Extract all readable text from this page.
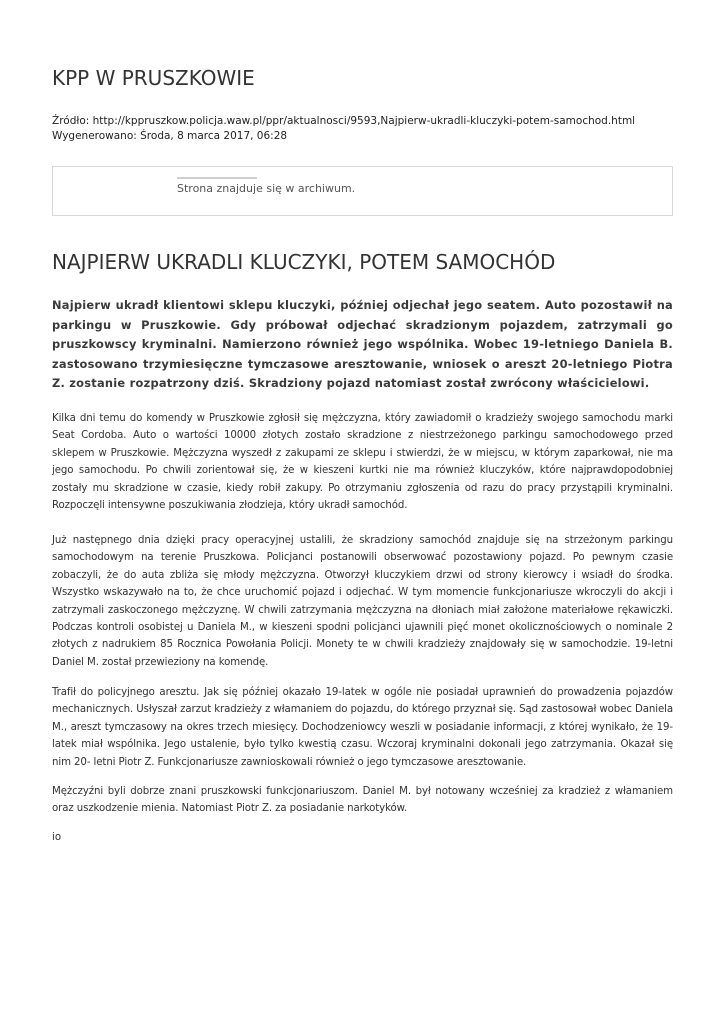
KPP W PRUSZKOWIE
Źródło: http://kppruszkow.policja.waw.pl/ppr/aktualnosci/9593,Najpierw-ukradli-kluczyki-potem-samochod.html
Wygenerowano: Środa, 8 marca 2017, 06:28
Strona znajduje się w archiwum.
NAJPIERW UKRADLI KLUCZYKI, POTEM SAMOCHÓD

Najpierw ukradł klientowi sklepu kluczyki, później odjechał jego seatem. Auto pozostawił na parkingu w Pruszkowie. Gdy próbował odjechać skradzionym pojazdem, zatrzymali go pruszkowscy kryminalni. Namierzono również jego wspólnika. Wobec 19-letniego Daniela B. zastosowano trzymiesięczne tymczasowe aresztowanie, wniosek o areszt 20-letniego Piotra Z. zostanie rozpatrzony dziś. Skradziony pojazd natomiast został zwrócony właścicielowi.

Kilka dni temu do komendy w Pruszkowie zgłosił się mężczyzna, który zawiadomił o kradzieży swojego samochodu marki Seat Cordoba. Auto o wartości 10000 złotych zostało skradzione z niestrzeżonego parkingu samochodowego przed sklepem w Pruszkowie. Mężczyzna wyszedł z zakupami ze sklepu i stwierdzi, że w miejscu, w którym zaparkował, nie ma jego samochodu. Po chwili zorientował się, że w kieszeni kurtki nie ma również kluczyków, które najprawdopodobniej zostały mu skradzione w czasie, kiedy robił zakupy. Po otrzymaniu zgłoszenia od razu do pracy przystąpili kryminalni. Rozpoczęli intensywne poszukiwania złodzieja, który ukradł samochód.

Już następnego dnia dzięki pracy operacyjnej ustalili, że skradziony samochód znajduje się na strzeżonym parkingu samochodowym na terenie Pruszkowa. Policjanci postanowili obserwować pozostawiony pojazd. Po pewnym czasie zobaczyli, że do auta zbliża się młody mężczyzna. Otworzył kluczykiem drzwi od strony kierowcy i wsiadł do środka. Wszystko wskazywało na to, że chce uruchomić pojazd i odjechać. W tym momencie funkcjonariusze wkroczyli do akcji i zatrzymali zaskoczonego mężczyznę. W chwili zatrzymania mężczyzna na dłoniach miał założone materiałowe rękawiczki. Podczas kontroli osobistej u Daniela M., w kieszeni spodni policjanci ujawnili pięć monet okolicznościowych o nominale 2 złotych z nadrukiem 85 Rocznica Powołania Policji. Monety te w chwili kradzieży znajdowały się w samochodzie. 19-letni Daniel M. został przewieziony na komendę.

Trafił do policyjnego aresztu. Jak się później okazało 19-latek w ogóle nie posiadał uprawnień do prowadzenia pojazdów mechanicznych. Usłyszał zarzut kradzieży z włamaniem do pojazdu, do którego przyznał się. Sąd zastosował wobec Daniela M., areszt tymczasowy na okres trzech miesięcy. Dochodzeniowcy weszli w posiadanie informacji, z której wynikało, że 19-latek miał wspólnika. Jego ustalenie, było tylko kwestią czasu. Wczoraj kryminalni dokonali jego zatrzymania. Okazał się nim 20- letni Piotr Z. Funkcjonariusze zawnioskowali również o jego tymczasowe aresztowanie.

Mężczyźni byli dobrze znani pruszkowski funkcjonariuszom. Daniel M. był notowany wcześniej za kradzież z włamaniem oraz uszkodzenie mienia. Natomiast Piotr Z. za posiadanie narkotyków.

io
